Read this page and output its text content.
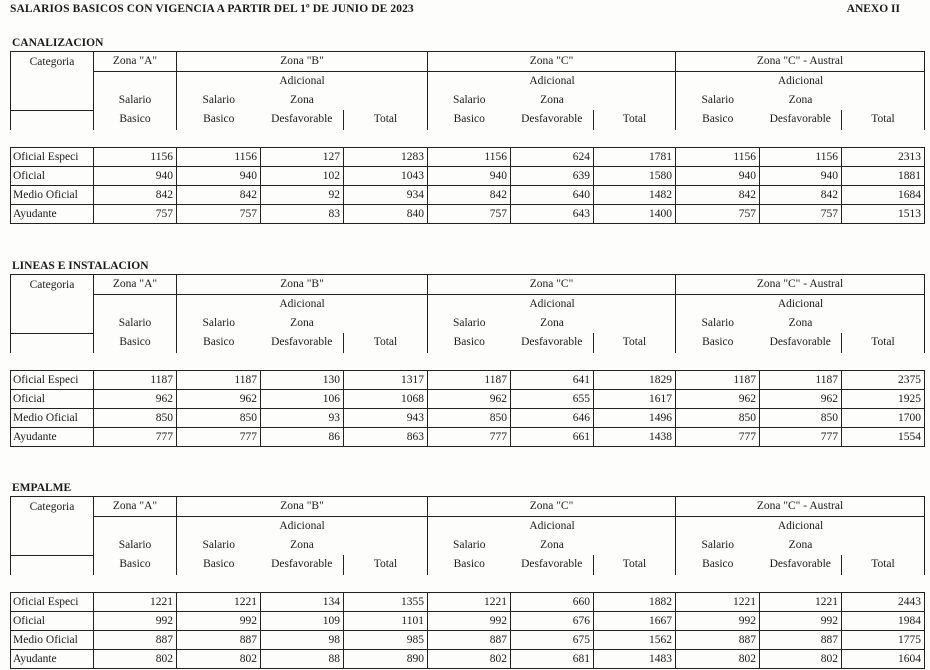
SALARIOS BASICOS CON VIGENCIA A PARTIR DEL 1º DE JUNIO DE 2023	ANEXO II
CANALIZACION
Categoria	Zona "A"	Zona "B"			Zona "C"			Zona "C" - Austral		
			Adicional			Adicional			Adicional	
	Salario	Salario	Zona		Salario	Zona		Salario	Zona	
	Basico	Basico	Desfavorable	Total	Basico	Desfavorable	Total	Basico	Desfavorable	Total

Oficial Especi	1156	1156	127	1283	1156	624	1781	1156	1156	2313
Oficial	940	940	102	1043	940	639	1580	940	940	1881
Medio Oficial	842	842	92	934	842	640	1482	842	842	1684
Ayudante	757	757	83	840	757	643	1400	757	757	1513
LINEAS E INSTALACION
Categoria	Zona "A"	Zona "B"			Zona "C"			Zona "C" - Austral		
			Adicional			Adicional			Adicional	
	Salario	Salario	Zona		Salario	Zona		Salario	Zona	
	Basico	Basico	Desfavorable	Total	Basico	Desfavorable	Total	Basico	Desfavorable	Total

Oficial Especi	1187	1187	130	1317	1187	641	1829	1187	1187	2375
Oficial	962	962	106	1068	962	655	1617	962	962	1925
Medio Oficial	850	850	93	943	850	646	1496	850	850	1700
Ayudante	777	777	86	863	777	661	1438	777	777	1554
EMPALME
Categoria	Zona "A"	Zona "B"			Zona "C"			Zona "C" - Austral		
			Adicional			Adicional			Adicional	
	Salario	Salario	Zona		Salario	Zona		Salario	Zona	
	Basico	Basico	Desfavorable	Total	Basico	Desfavorable	Total	Basico	Desfavorable	Total

Oficial Especi	1221	1221	134	1355	1221	660	1882	1221	1221	2443
Oficial	992	992	109	1101	992	676	1667	992	992	1984
Medio Oficial	887	887	98	985	887	675	1562	887	887	1775
Ayudante	802	802	88	890	802	681	1483	802	802	1604
